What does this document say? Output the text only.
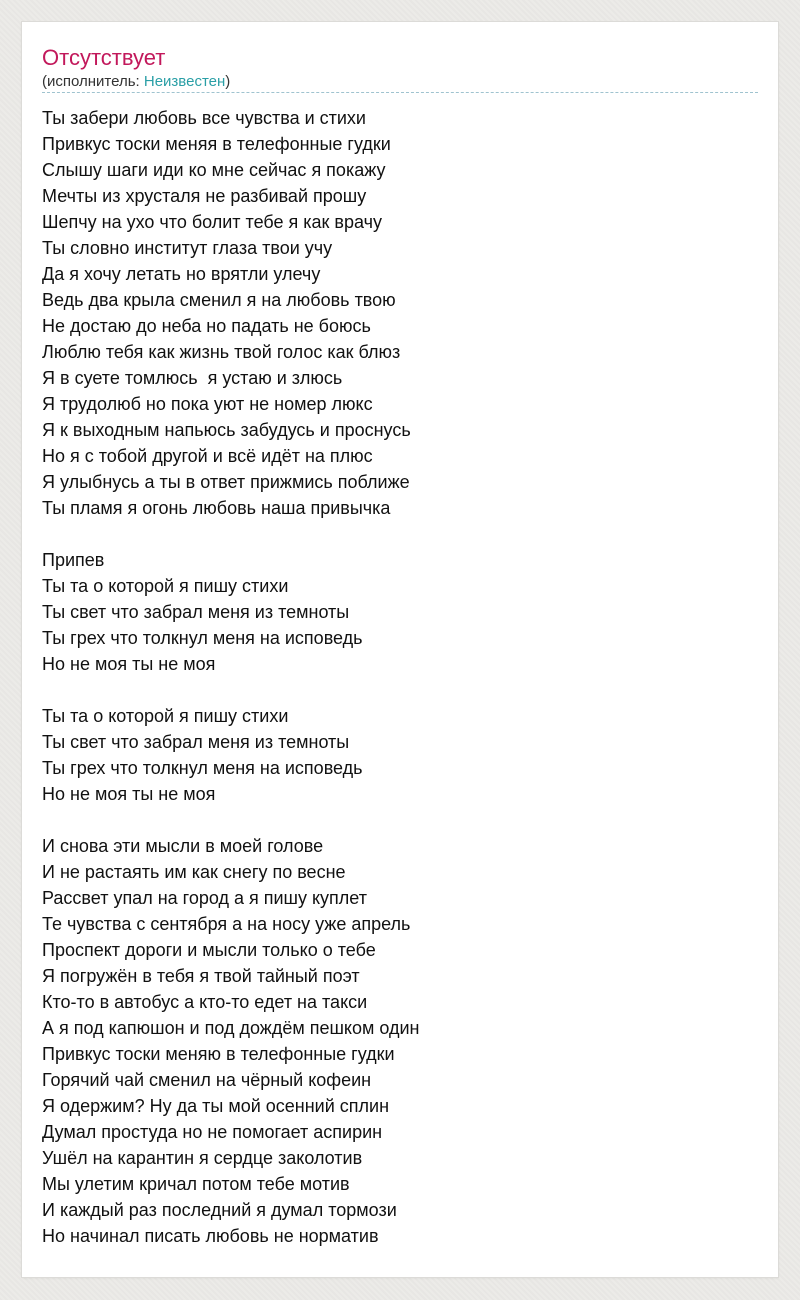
Отсутствует
(исполнитель: Неизвестен)
Ты забери любовь все чувства и стихи
Привкус тоски меняя в телефонные гудки
Слышу шаги иди ко мне сейчас я покажу
Мечты из хрусталя не разбивай прошу
Шепчу на ухо что болит тебе я как врачу
Ты словно институт глаза твои учу
Да я хочу летать но врятли улечу
Ведь два крыла сменил я на любовь твою
Не достаю до неба но падать не боюсь
Люблю тебя как жизнь твой голос как блюз
Я в суете томлюсь  я устаю и злюсь
Я трудолюб но пока уют не номер люкс
Я к выходным напьюсь забудусь и проснусь
Но я с тобой другой и всё идёт на плюс
Я улыбнусь а ты в ответ прижмись поближе
Ты пламя я огонь любовь наша привычка
Припев
Ты та о которой я пишу стихи
Ты свет что забрал меня из темноты
Ты грех что толкнул меня на исповедь
Но не моя ты не моя
Ты та о которой я пишу стихи
Ты свет что забрал меня из темноты
Ты грех что толкнул меня на исповедь
Но не моя ты не моя
И снова эти мысли в моей голове
И не растаять им как снегу по весне
Рассвет упал на город а я пишу куплет
Те чувства с сентября а на носу уже апрель
Проспект дороги и мысли только о тебе
Я погружён в тебя я твой тайный поэт
Кто-то в автобус а кто-то едет на такси
А я под капюшон и под дождём пешком один
Привкус тоски меняю в телефонные гудки
Горячий чай сменил на чёрный кофеин
Я одержим? Ну да ты мой осенний сплин
Думал простуда но не помогает аспирин
Ушёл на карантин я сердце заколотив
Мы улетим кричал потом тебе мотив
И каждый раз последний я думал тормози
Но начинал писать любовь не норматив
